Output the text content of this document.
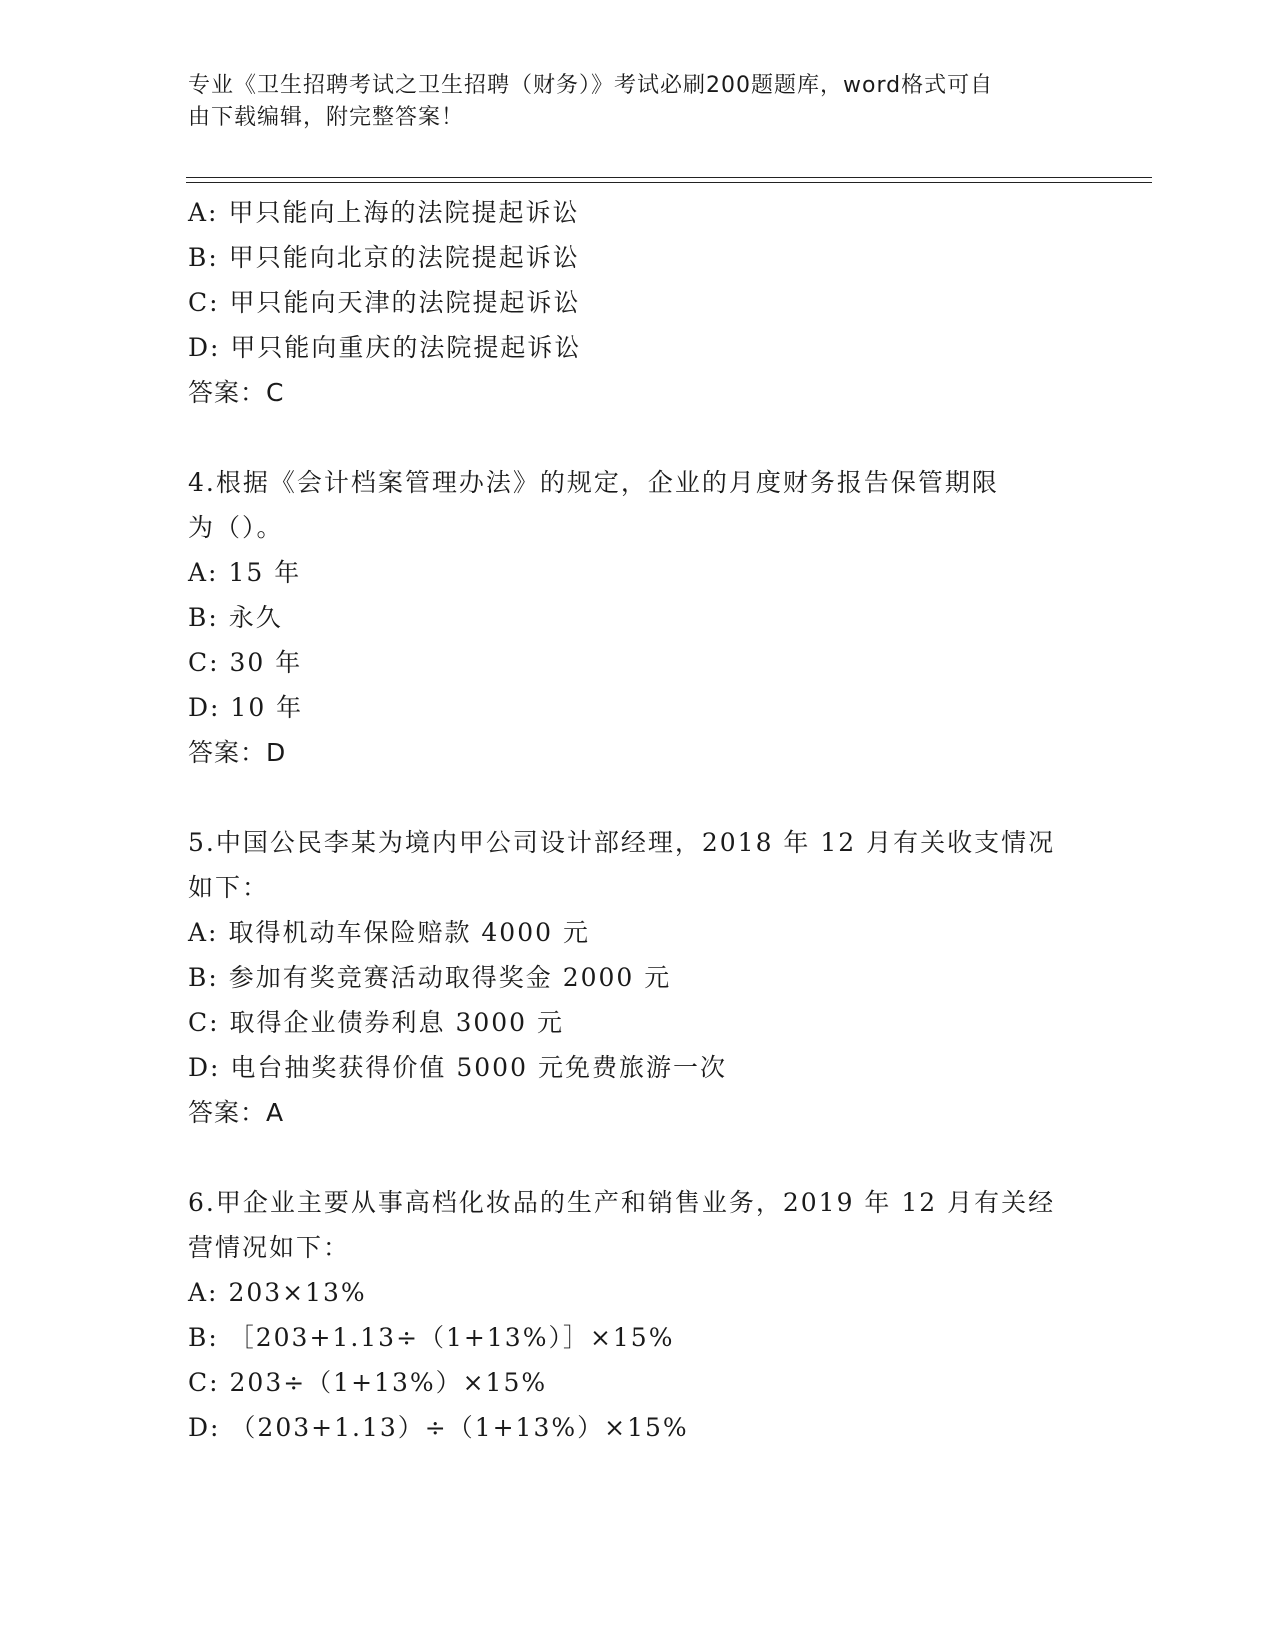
专业《卫生招聘考试之卫生招聘（财务）》考试必刷200题题库，word格式可自
由下载编辑，附完整答案！
A: 甲只能向上海的法院提起诉讼
B: 甲只能向北京的法院提起诉讼
C: 甲只能向天津的法院提起诉讼
D: 甲只能向重庆的法院提起诉讼
答案：C
4.根据《会计档案管理办法》的规定，企业的月度财务报告保管期限
为（）。
A: 15 年
B: 永久
C: 30 年
D: 10 年
答案：D
5.中国公民李某为境内甲公司设计部经理，2018 年 12 月有关收支情况
如下：
A: 取得机动车保险赔款 4000 元
B: 参加有奖竞赛活动取得奖金 2000 元
C: 取得企业债券利息 3000 元
D: 电台抽奖获得价值 5000 元免费旅游一次
答案：A
6.甲企业主要从事高档化妆品的生产和销售业务，2019 年 12 月有关经
营情况如下：
A: 203×13%
B: ［203+1.13÷（1+13%）］×15%
C: 203÷（1+13%）×15%
D: （203+1.13）÷（1+13%）×15%
